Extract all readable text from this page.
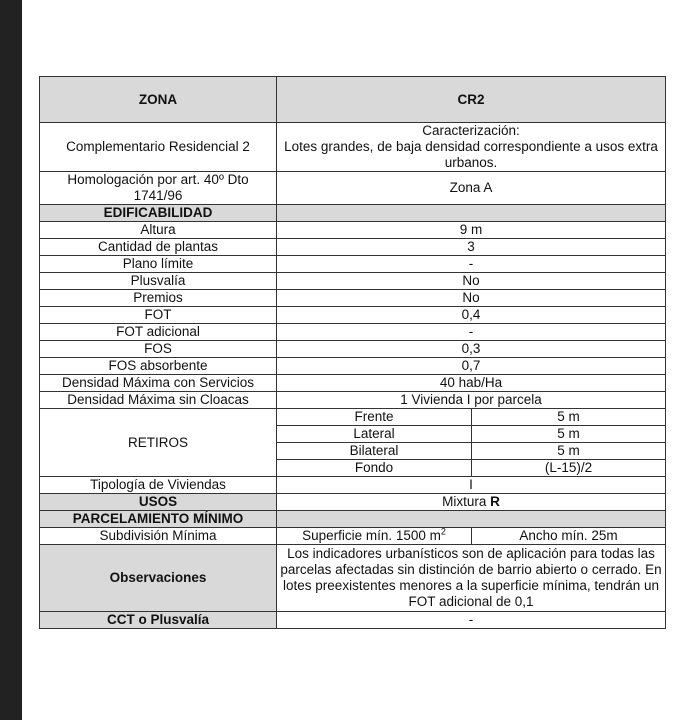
ZONA	CR2	
Complementario Residencial 2	Caracterización:
Lotes grandes, de baja densidad correspondiente a usos extra urbanos.	

Homologación por art. 40º Dto 1741/96	Zona A	
EDIFICABILIDAD		
Altura	9 m	
Cantidad de plantas	3	
Plano límite	-	
Plusvalía	No	
Premios	No	
FOT	0,4	
FOT adicional	-	
FOS	0,3	
FOS absorbente	0,7	
Densidad Máxima con Servicios	40 hab/Ha	
Densidad Máxima sin Cloacas	1 Vivienda I por parcela	
RETIROS	Frente	5 m
	Lateral	5 m
	Bilateral	5 m
	Fondo	(L-15)/2
Tipología de Viviendas	I	
USOS	Mixtura R	
PARCELAMIENTO MÍNIMO		
Subdivisión Mínima	Superficie mín. 1500 $m^2$	Ancho mín. 25m
Observaciones	Los indicadores urbanísticos son de aplicación para todas las parcelas afectadas sin distinción de barrio abierto o cerrado. En lotes preexistentes menores a la superficie mínima, tendrán un FOT adicional de 0,1	
CCT o Plusvalía	-	
